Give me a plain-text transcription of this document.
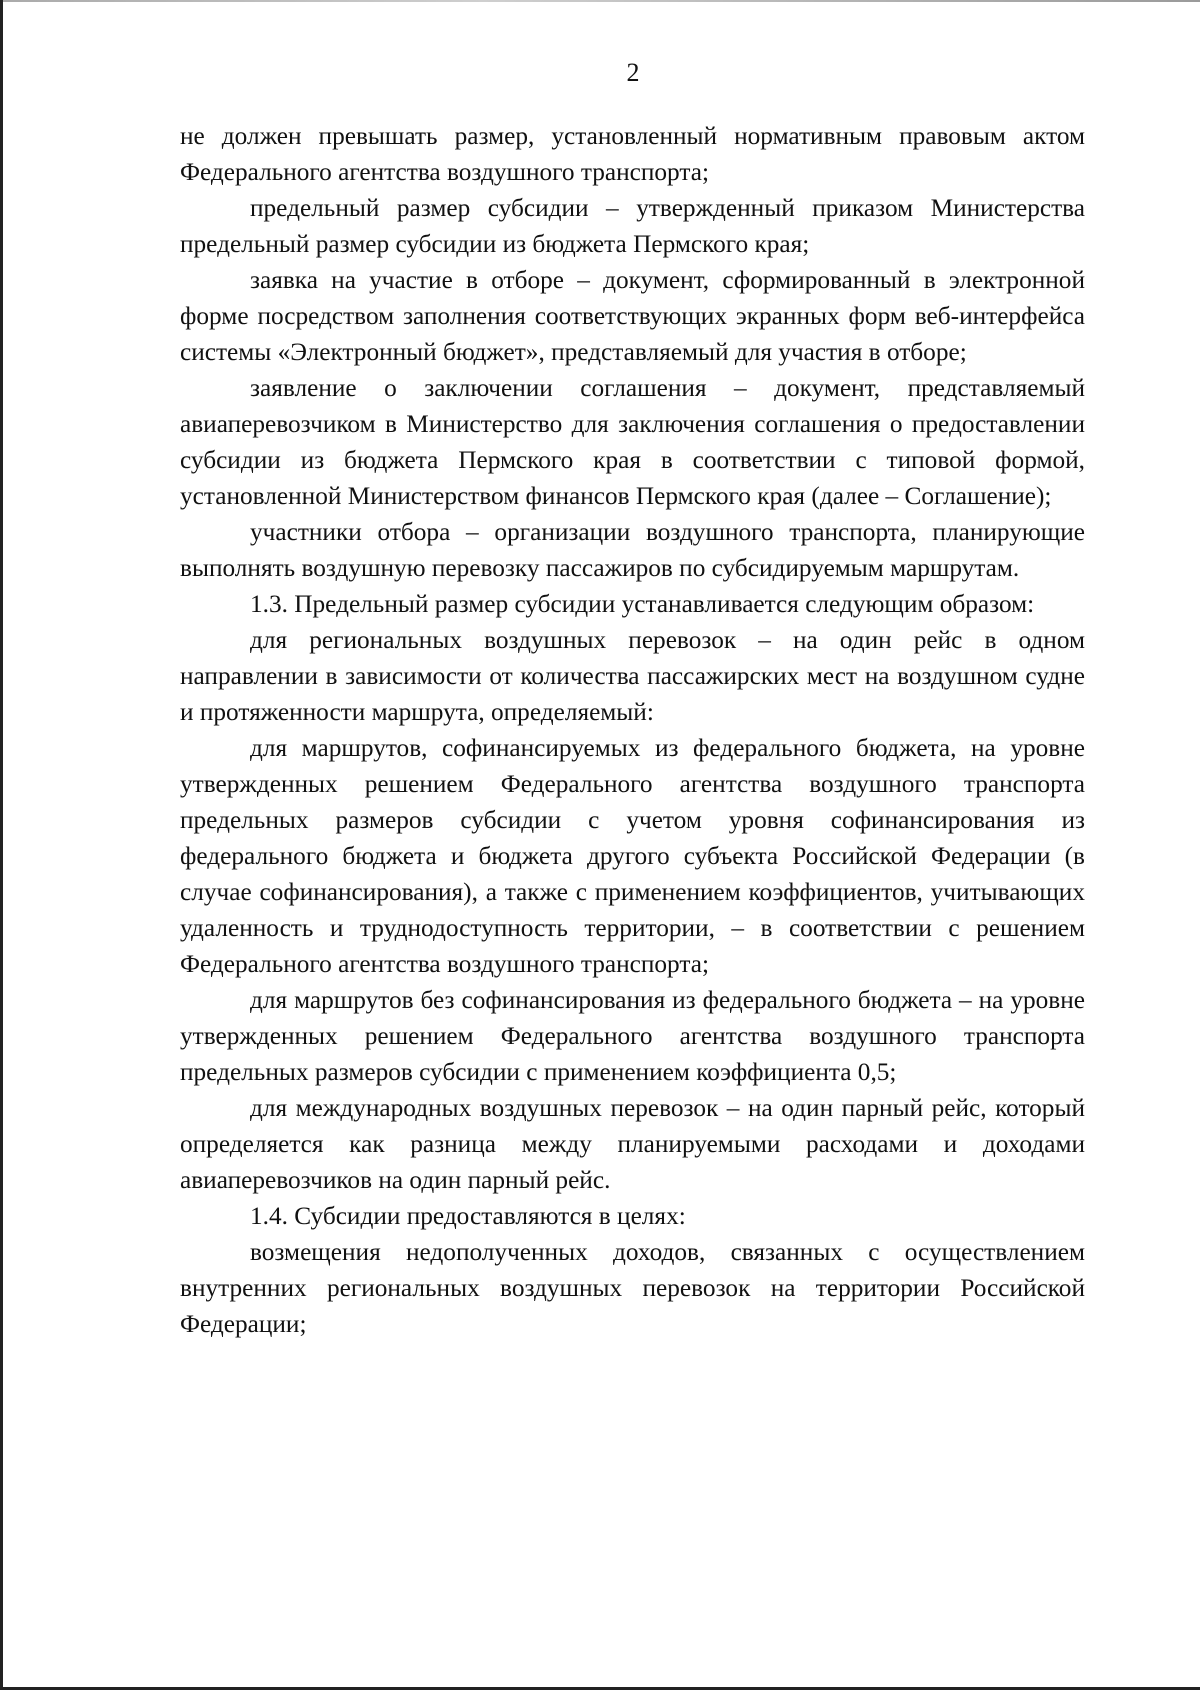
2

не должен превышать размер, установленный нормативным правовым актом Федерального агентства воздушного транспорта;

предельный размер субсидии – утвержденный приказом Министерства предельный размер субсидии из бюджета Пермского края;

заявка на участие в отборе – документ, сформированный в электронной форме посредством заполнения соответствующих экранных форм веб-интерфейса системы «Электронный бюджет», представляемый для участия в отборе;

заявление о заключении соглашения – документ, представляемый авиаперевозчиком в Министерство для заключения соглашения о предоставлении субсидии из бюджета Пермского края в соответствии с типовой формой, установленной Министерством финансов Пермского края (далее – Соглашение);

участники отбора – организации воздушного транспорта, планирующие выполнять воздушную перевозку пассажиров по субсидируемым маршрутам.

1.3. Предельный размер субсидии устанавливается следующим образом:

для региональных воздушных перевозок – на один рейс в одном направлении в зависимости от количества пассажирских мест на воздушном судне и протяженности маршрута, определяемый:

для маршрутов, софинансируемых из федерального бюджета, на уровне утвержденных решением Федерального агентства воздушного транспорта предельных размеров субсидии с учетом уровня софинансирования из федерального бюджета и бюджета другого субъекта Российской Федерации (в случае софинансирования), а также с применением коэффициентов, учитывающих удаленность и труднодоступность территории, – в соответствии с решением Федерального агентства воздушного транспорта;

для маршрутов без софинансирования из федерального бюджета – на уровне утвержденных решением Федерального агентства воздушного транспорта предельных размеров субсидии с применением коэффициента 0,5;

для международных воздушных перевозок – на один парный рейс, который определяется как разница между планируемыми расходами и доходами авиаперевозчиков на один парный рейс.

1.4. Субсидии предоставляются в целях:

возмещения недополученных доходов, связанных с осуществлением внутренних региональных воздушных перевозок на территории Российской Федерации;
